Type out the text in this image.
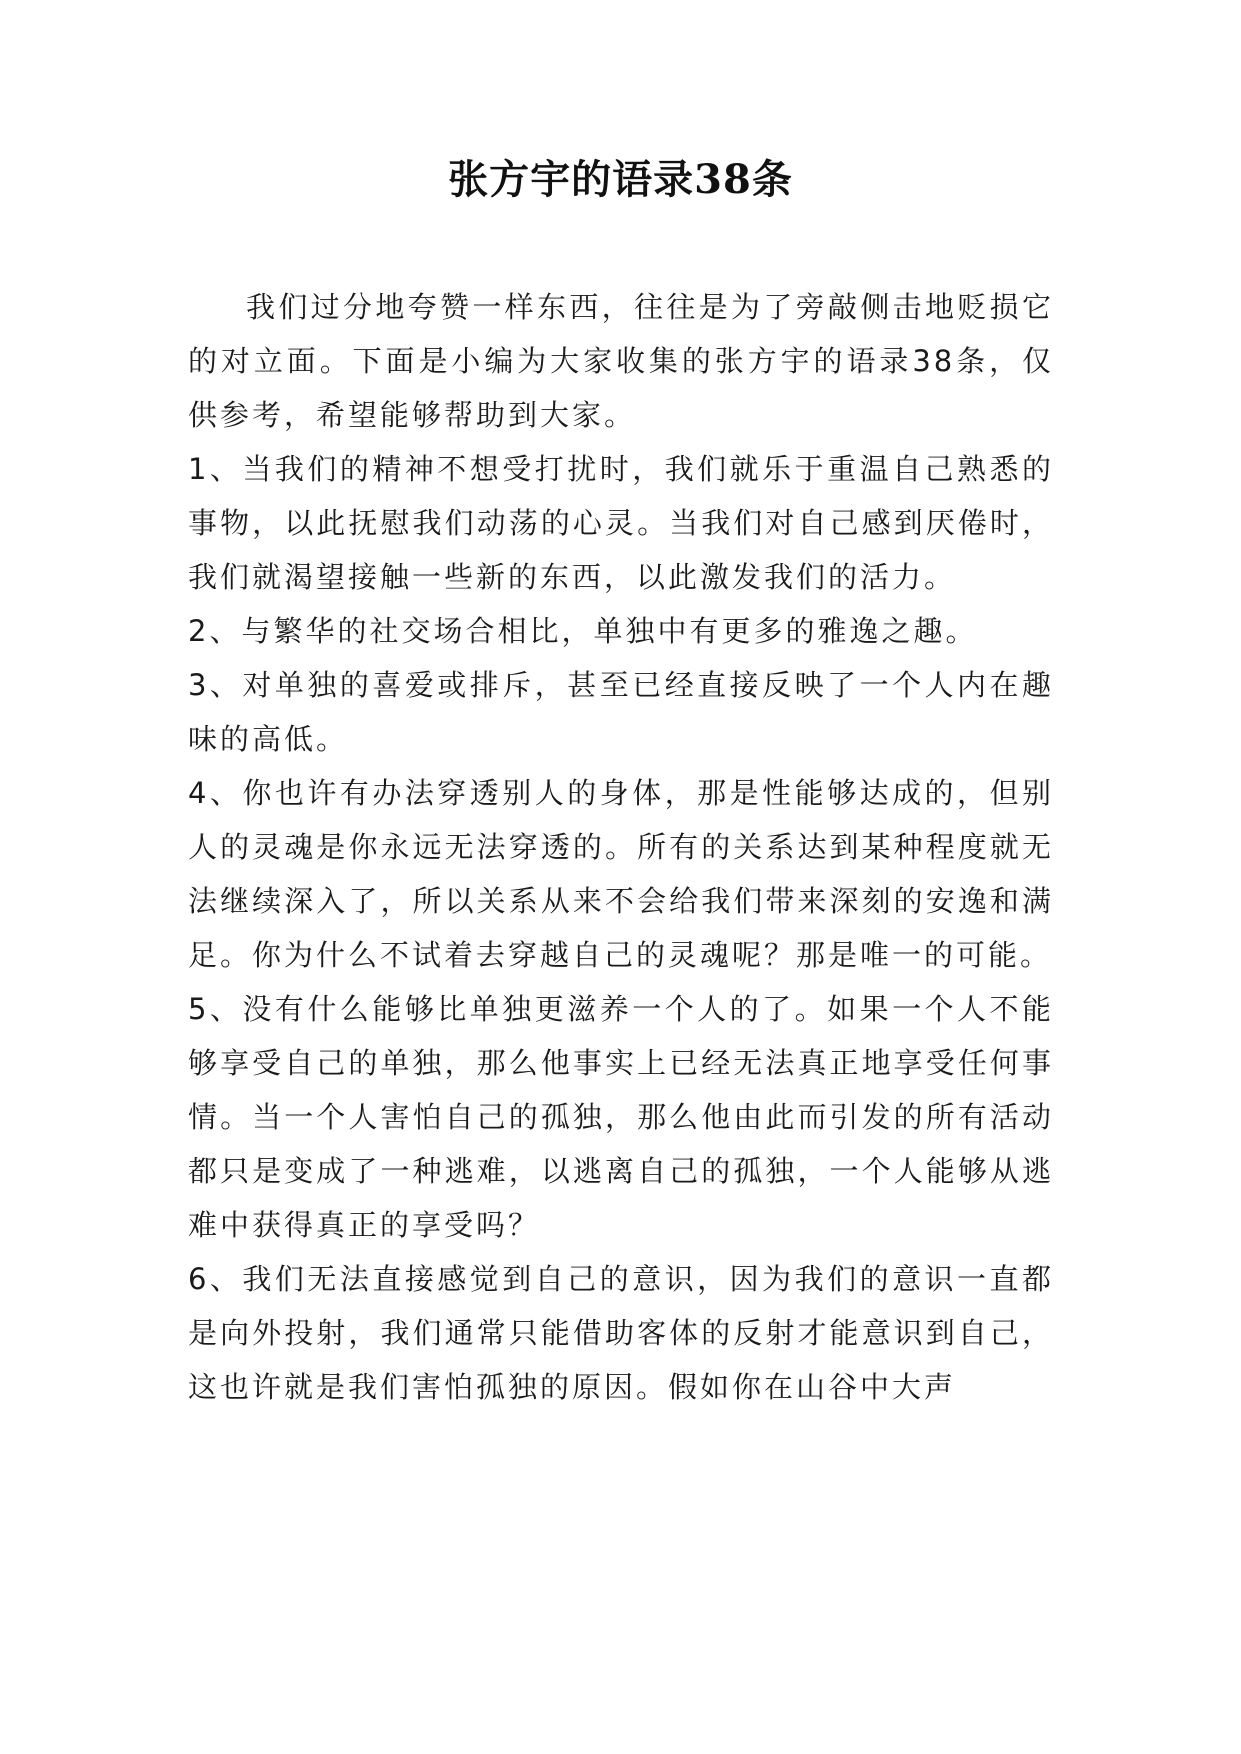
张方宇的语录38条

我们过分地夸赞一样东西，往往是为了旁敲侧击地贬损它的对立面。下面是小编为大家收集的张方宇的语录38条，仅供参考，希望能够帮助到大家。

1、当我们的精神不想受打扰时，我们就乐于重温自己熟悉的事物，以此抚慰我们动荡的心灵。当我们对自己感到厌倦时，我们就渴望接触一些新的东西，以此激发我们的活力。

2、与繁华的社交场合相比，单独中有更多的雅逸之趣。

3、对单独的喜爱或排斥，甚至已经直接反映了一个人内在趣味的高低。

4、你也许有办法穿透别人的身体，那是性能够达成的，但别人的灵魂是你永远无法穿透的。所有的关系达到某种程度就无法继续深入了，所以关系从来不会给我们带来深刻的安逸和满足。你为什么不试着去穿越自己的灵魂呢？那是唯一的可能。

5、没有什么能够比单独更滋养一个人的了。如果一个人不能够享受自己的单独，那么他事实上已经无法真正地享受任何事情。当一个人害怕自己的孤独，那么他由此而引发的所有活动都只是变成了一种逃难，以逃离自己的孤独，一个人能够从逃难中获得真正的享受吗？

6、我们无法直接感觉到自己的意识，因为我们的意识一直都是向外投射，我们通常只能借助客体的反射才能意识到自己，这也许就是我们害怕孤独的原因。假如你在山谷中大声
